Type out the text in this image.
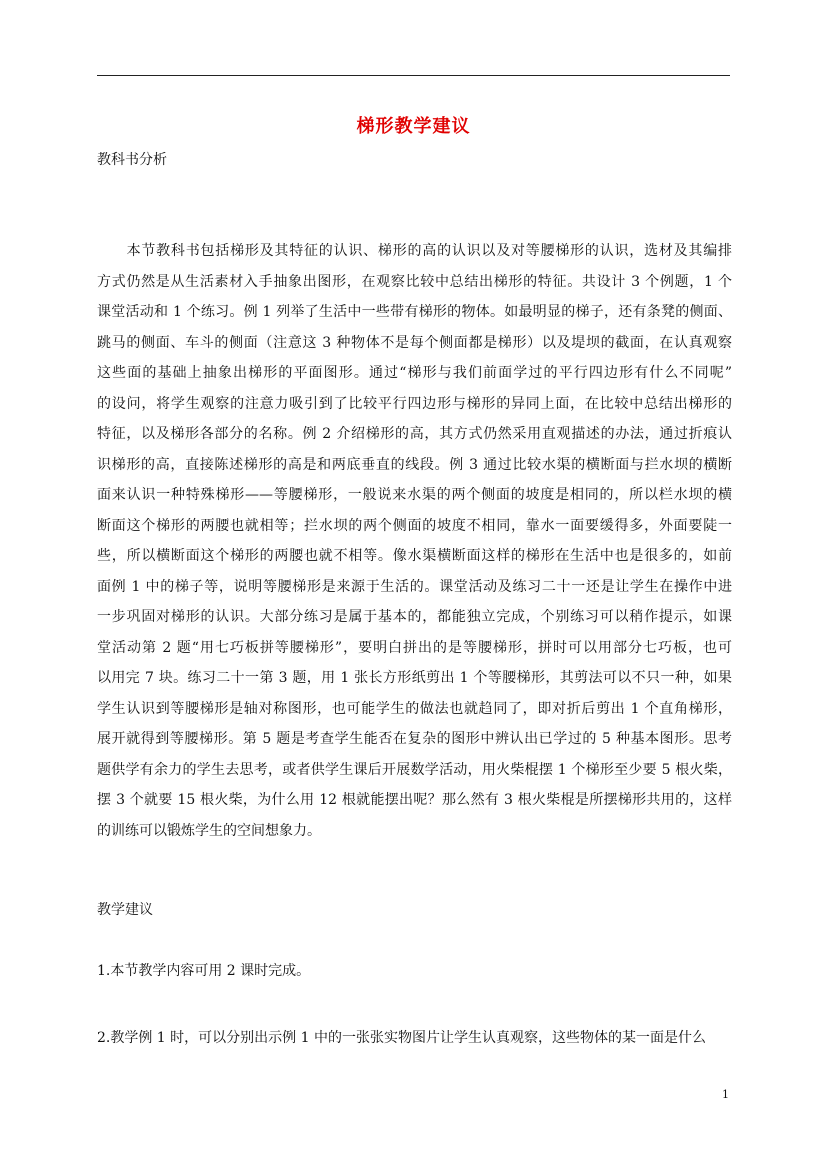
梯形教学建议
教科书分析
　　本节教科书包括梯形及其特征的认识、梯形的高的认识以及对等腰梯形的认识，选材及其编排
方式仍然是从生活素材入手抽象出图形，在观察比较中总结出梯形的特征。共设计 3 个例题，1 个
课堂活动和 1 个练习。例 1 列举了生活中一些带有梯形的物体。如最明显的梯子，还有条凳的侧面、
跳马的侧面、车斗的侧面（注意这 3 种物体不是每个侧面都是梯形）以及堤坝的截面，在认真观察
这些面的基础上抽象出梯形的平面图形。通过“梯形与我们前面学过的平行四边形有什么不同呢”
的设问，将学生观察的注意力吸引到了比较平行四边形与梯形的异同上面，在比较中总结出梯形的
特征，以及梯形各部分的名称。例 2 介绍梯形的高，其方式仍然采用直观描述的办法，通过折痕认
识梯形的高，直接陈述梯形的高是和两底垂直的线段。例 3 通过比较水渠的横断面与拦水坝的横断
面来认识一种特殊梯形——等腰梯形，一般说来水渠的两个侧面的坡度是相同的，所以栏水坝的横
断面这个梯形的两腰也就相等；拦水坝的两个侧面的坡度不相同，靠水一面要缓得多，外面要陡一
些，所以横断面这个梯形的两腰也就不相等。像水渠横断面这样的梯形在生活中也是很多的，如前
面例 1 中的梯子等，说明等腰梯形是来源于生活的。课堂活动及练习二十一还是让学生在操作中进
一步巩固对梯形的认识。大部分练习是属于基本的，都能独立完成，个别练习可以稍作提示，如课
堂活动第 2 题“用七巧板拼等腰梯形”，要明白拼出的是等腰梯形，拼时可以用部分七巧板，也可
以用完 7 块。练习二十一第 3 题，用 1 张长方形纸剪出 1 个等腰梯形，其剪法可以不只一种，如果
学生认识到等腰梯形是轴对称图形，也可能学生的做法也就趋同了，即对折后剪出 1 个直角梯形，
展开就得到等腰梯形。第 5 题是考查学生能否在复杂的图形中辨认出已学过的 5 种基本图形。思考
题供学有余力的学生去思考，或者供学生课后开展数学活动，用火柴棍摆 1 个梯形至少要 5 根火柴，
摆 3 个就要 15 根火柴，为什么用 12 根就能摆出呢？那么然有 3 根火柴棍是所摆梯形共用的，这样
的训练可以锻炼学生的空间想象力。
教学建议
1.本节教学内容可用 2 课时完成。
2.教学例 1 时，可以分别出示例 1 中的一张张实物图片让学生认真观察，这些物体的某一面是什么
1
